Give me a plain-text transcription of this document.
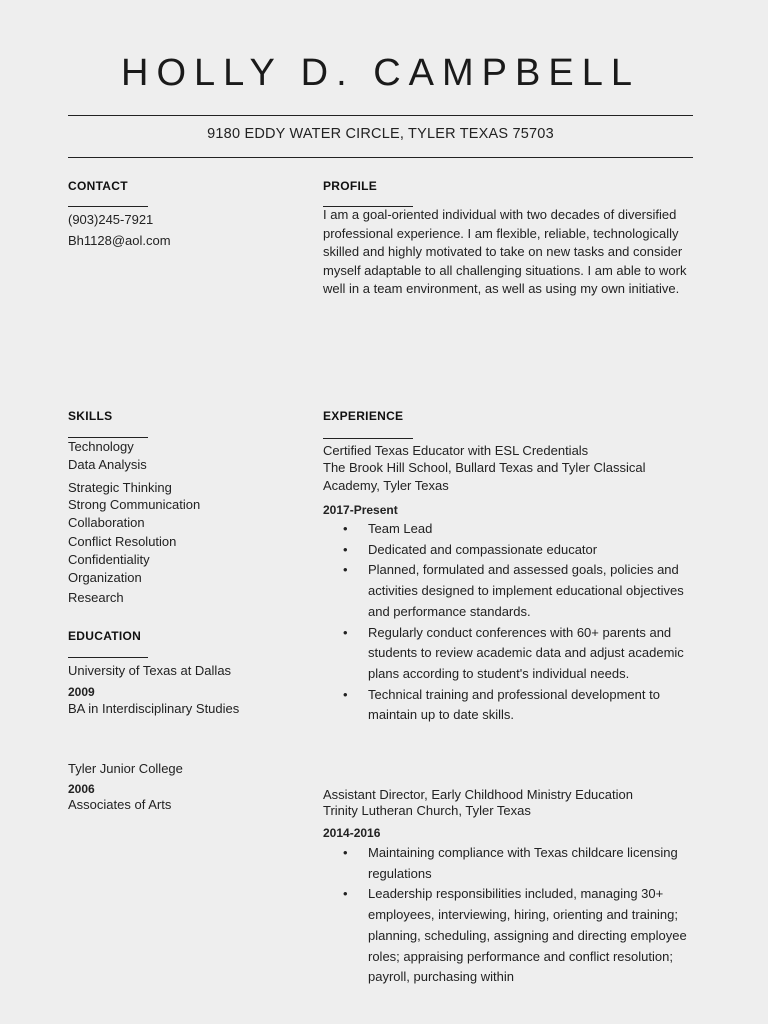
HOLLY D. CAMPBELL
9180 EDDY WATER CIRCLE, TYLER TEXAS 75703
CONTACT
(903)245-7921
Bh1128@aol.com
PROFILE
I am a goal-oriented individual with two decades of diversified professional experience. I am flexible, reliable, technologically skilled and highly motivated to take on new tasks and consider myself adaptable to all challenging situations. I am able to work well in a team environment, as well as using my own initiative.
SKILLS
Technology
Data Analysis
Strategic Thinking
Strong Communication
Collaboration
Conflict Resolution
Confidentiality
Organization
Research
EDUCATION
University of Texas at Dallas
2009
BA in Interdisciplinary Studies
Tyler Junior College
2006
Associates of Arts
EXPERIENCE
Certified Texas Educator with ESL Credentials
The Brook Hill School, Bullard Texas and Tyler Classical
Academy, Tyler Texas
2017-Present
• Team Lead
• Dedicated and compassionate educator
• Planned, formulated and assessed goals, policies and activities designed to implement educational objectives and performance standards.
• Regularly conduct conferences with 60+ parents and students to review academic data and adjust academic plans according to student's individual needs.
• Technical training and professional development to maintain up to date skills.
Assistant Director, Early Childhood Ministry Education
Trinity Lutheran Church, Tyler Texas
2014-2016
• Maintaining compliance with Texas childcare licensing regulations
• Leadership responsibilities included, managing 30+ employees, interviewing, hiring, orienting and training; planning, scheduling, assigning and directing employee roles; appraising performance and conflict resolution; payroll, purchasing within
